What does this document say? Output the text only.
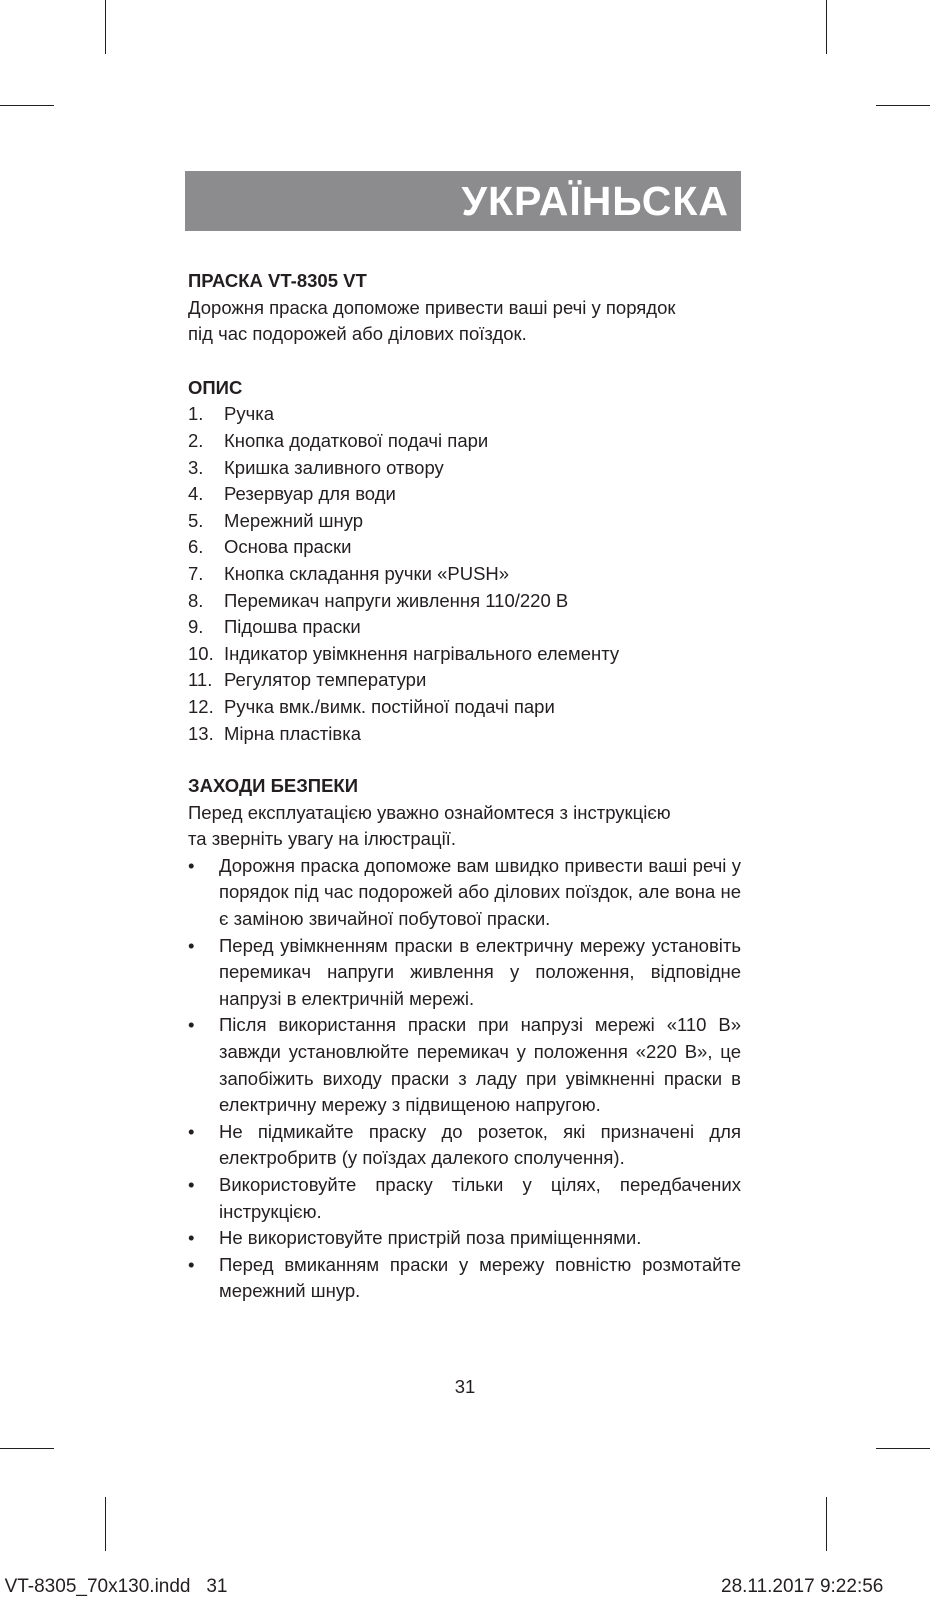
УКРАЇНЬСКА

ПРАСКА VT-8305 VT

Дорожня праска допоможе привести ваші речі у порядок

під час подорожей або ділових поїздок.

ОПИС

1.	Ручка
2.	Кнопка додаткової подачі пари
3.	Кришка заливного отвору
4.	Резервуар для води
5.	Мережний шнур
6.	Основа праски
7.	Кнопка складання ручки «PUSH»
8.	Перемикач напруги живлення 110/220 В
9.	Підошва праски
10. Індикатор увімкнення нагрівального елементу
11. Регулятор температури
12. Ручка вмк./вимк. постійної подачі пари
13. Мірна пластівка

ЗАХОДИ БЕЗПЕКИ

Перед експлуатацією уважно ознайомтеся з інструкцією

та зверніть увагу на ілюстрації.

•	Дорожня праска допоможе вам швидко привести ваші речі у порядок під час подорожей або ділових поїздок, але вона не є заміною звичайної побутової праски.
•	Перед увімкненням праски в електричну мережу установіть перемикач напруги живлення у положення, відповідне напрузі в електричній мережі.
•	Після використання праски при напрузі мережі «110 В» завжди установлюйте перемикач у положення «220 В», це запобіжить виходу праски з ладу при увімкненні праски в електричну мережу з підвищеною напругою.
•	Не підмикайте праску до розеток, які призначені для електробритв (у поїздах далекого сполучення).
•	Використовуйте праску тільки у цілях, передбачених інструкцією.
•	Не використовуйте пристрій поза приміщеннями.
•	Перед вмиканням праски у мережу повністю розмотайте мережний шнур.
31
VT-8305_70x130.indd   31	28.11.2017 9:22:56
